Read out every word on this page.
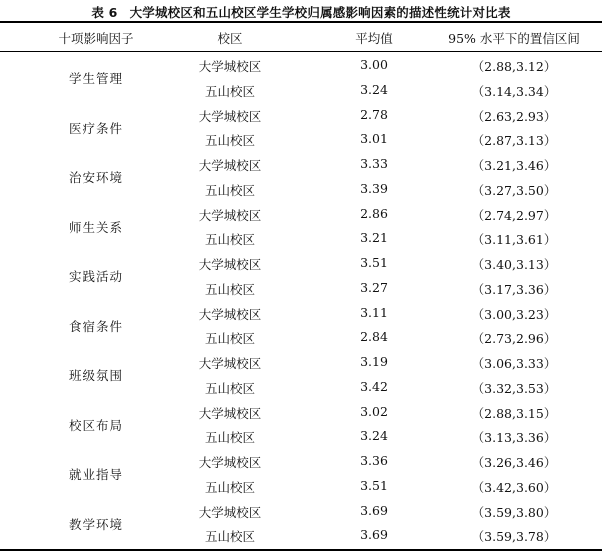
表 6 大学城校区和五山校区学生学校归属感影响因素的描述性统计对比表
十项影响因子	校区	平均值	95% 水平下的置信区间
学生管理
大学城校区	3.00	（2.88,3.12）
五山校区	3.24	（3.14,3.34）
医疗条件
大学城校区	2.78	（2.63,2.93）
五山校区	3.01	（2.87,3.13）
治安环境
大学城校区	3.33	（3.21,3.46）
五山校区	3.39	（3.27,3.50）
师生关系
大学城校区	2.86	（2.74,2.97）
五山校区	3.21	（3.11,3.61）
实践活动
大学城校区	3.51	（3.40,3.13）
五山校区	3.27	（3.17,3.36）
食宿条件
大学城校区	3.11	（3.00,3.23）
五山校区	2.84	（2.73,2.96）
班级氛围
大学城校区	3.19	（3.06,3.33）
五山校区	3.42	（3.32,3.53）
校区布局
大学城校区	3.02	（2.88,3.15）
五山校区	3.24	（3.13,3.36）
就业指导
大学城校区	3.36	（3.26,3.46）
五山校区	3.51	（3.42,3.60）
教学环境
大学城校区	3.69	（3.59,3.80）
五山校区	3.69	（3.59,3.78）
